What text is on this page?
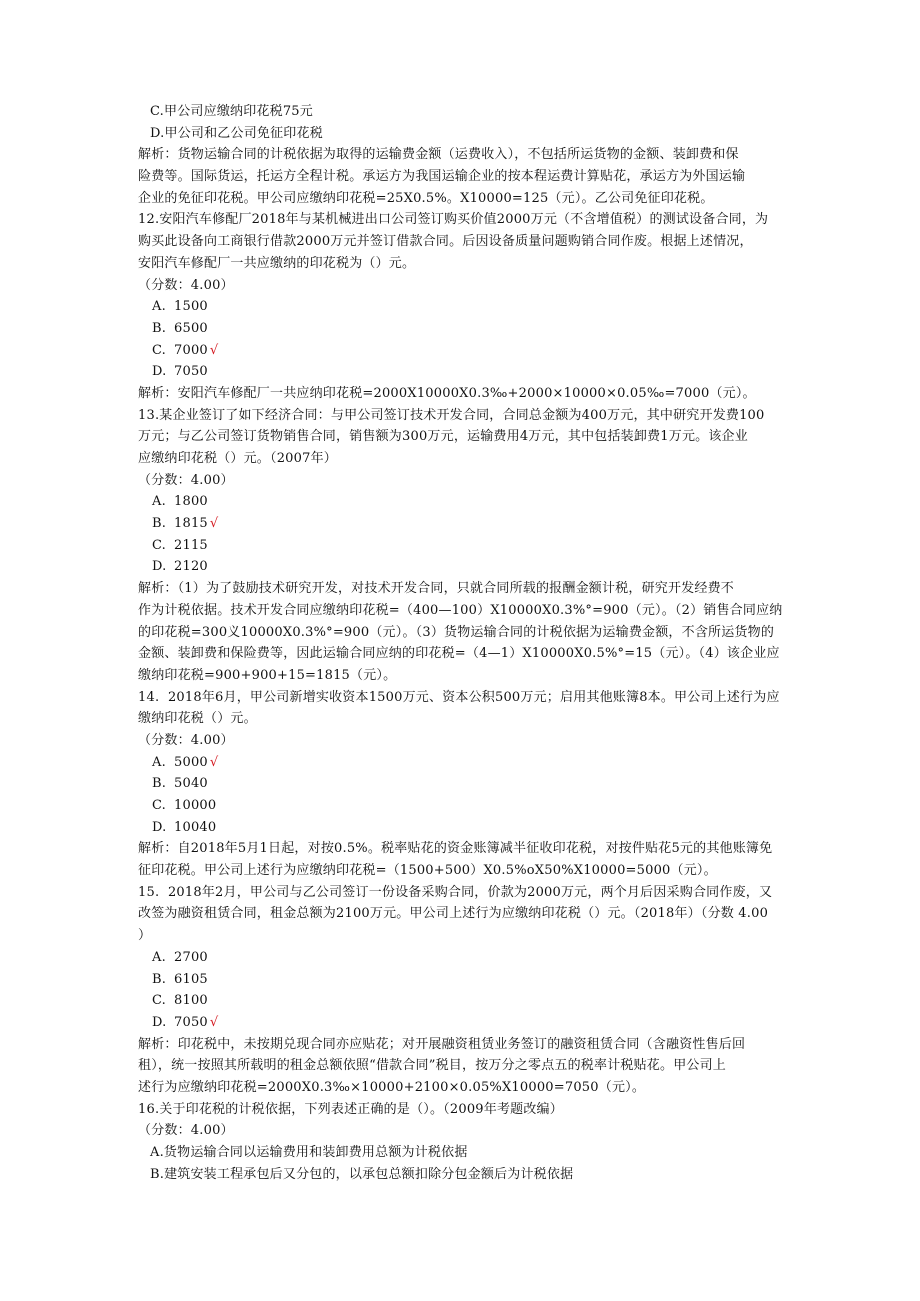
C.甲公司应缴纳印花税75元
D.甲公司和乙公司免征印花税
解析：货物运输合同的计税依据为取得的运输费金额（运费收入），不包括所运货物的金额、装卸费和保
险费等。国际货运，托运方全程计税。承运方为我国运输企业的按本程运费计算贴花，承运方为外国运输
企业的免征印花税。甲公司应缴纳印花税=25X0.5%。X10000=125（元）。乙公司免征印花税。
12.安阳汽车修配厂2018年与某机械进出口公司签订购买价值2000万元（不含增值税）的测试设备合同，为
购买此设备向工商银行借款2000万元并签订借款合同。后因设备质量问题购销合同作废。根据上述情况，
安阳汽车修配厂一共应缴纳的印花税为（）元。
（分数：4.00）
A. 1500
B. 6500
C. 7000 √
D. 7050
解析：安阳汽车修配厂一共应纳印花税=2000X10000X0.3‰+2000×10000×0.05‰=7000（元）。
13.某企业签订了如下经济合同：与甲公司签订技术开发合同，合同总金额为400万元，其中研究开发费100
万元；与乙公司签订货物销售合同，销售额为300万元，运输费用4万元，其中包括装卸费1万元。该企业
应缴纳印花税（）元。（2007年）
（分数：4.00）
A. 1800
B. 1815 √
C. 2115
D. 2120
解析：（1）为了鼓励技术研究开发，对技术开发合同，只就合同所载的报酬金额计税，研究开发经费不
作为计税依据。技术开发合同应缴纳印花税=（400—100）X10000X0.3%°=900（元）。（2）销售合同应纳
的印花税=300义10000X0.3%°=900（元）。（3）货物运输合同的计税依据为运输费金额，不含所运货物的
金额、装卸费和保险费等，因此运输合同应纳的印花税=（4—1）X10000X0.5%°=15（元）。（4）该企业应
缴纳印花税=900+900+15=1815（元）。
14.  2018年6月，甲公司新增实收资本1500万元、资本公积500万元；启用其他账簿8本。甲公司上述行为应
缴纳印花税（）元。
（分数：4.00）
A. 5000 √
B. 5040
C. 10000
D. 10040
解析：自2018年5月1日起，对按0.5%。税率贴花的资金账簿减半征收印花税，对按件贴花5元的其他账簿免
征印花税。甲公司上述行为应缴纳印花税=（1500+500）X0.5%oX50%X10000=5000（元）。
15.  2018年2月，甲公司与乙公司签订一份设备采购合同，价款为2000万元，两个月后因采购合同作废，又
改签为融资租赁合同，租金总额为2100万元。甲公司上述行为应缴纳印花税（）元。（2018年）（分数 4.00
）
A. 2700
B. 6105
C. 8100
D. 7050 √
解析：印花税中，未按期兑现合同亦应贴花；对开展融资租赁业务签订的融资租赁合同（含融资性售后回
租），统一按照其所载明的租金总额依照“借款合同”税目，按万分之零点五的税率计税贴花。甲公司上
述行为应缴纳印花税=2000X0.3‰×10000+2100×0.05%X10000=7050（元）。
16.关于印花税的计税依据，下列表述正确的是（）。（2009年考题改编）
（分数：4.00）
A.货物运输合同以运输费用和装卸费用总额为计税依据
B.建筑安装工程承包后又分包的，以承包总额扣除分包金额后为计税依据
